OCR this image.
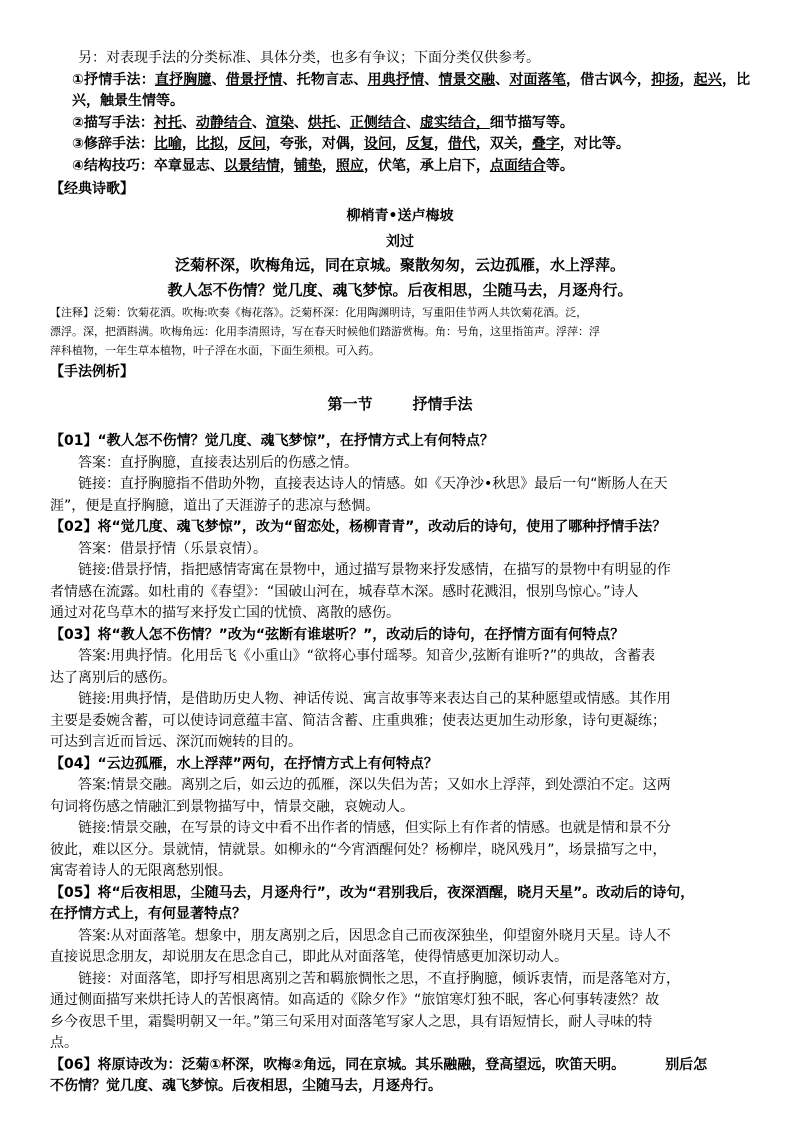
另：对表现手法的分类标准、具体分类，也多有争议；下面分类仅供参考。

①抒情手法：直抒胸臆、借景抒情、托物言志、用典抒情、情景交融、对面落笔，借古讽今，抑扬，起兴，比兴，触景生情等。

②描写手法：衬托、动静结合、渲染、烘托、正侧结合、虚实结合，细节描写等。

③修辞手法：比喻，比拟，反问，夸张，对偶，设问，反复，借代，双关，叠字，对比等。

④结构技巧：卒章显志、以景结情，铺垫，照应，伏笔，承上启下，点面结合等。

【经典诗歌】

柳梢青•送卢梅坡
刘过
泛菊杯深，吹梅角远，同在京城。聚散匆匆，云边孤雁，水上浮萍。
教人怎不伤情？觉几度、魂飞梦惊。后夜相思，尘随马去，月逐舟行。

【注释】泛菊：饮菊花酒。吹梅:吹奏《梅花落》。泛菊杯深：化用陶渊明诗，写重阳佳节两人共饮菊花酒。泛，

漂浮。深，把酒斟满。吹梅角远：化用李清照诗，写在春天时候他们踏游赏梅。角：号角，这里指笛声。浮萍：浮

萍科植物，一年生草本植物，叶子浮在水面，下面生须根。可入药。

【手法例析】

第一节	抒情手法

【01】“教人怎不伤情？觉几度、魂飞梦惊”，在抒情方式上有何特点？

答案：直抒胸臆，直接表达别后的伤感之情。

链接：直抒胸臆指不借助外物，直接表达诗人的情感。如《天净沙•秋思》最后一句“断肠人在天

涯”，便是直抒胸臆，道出了天涯游子的悲凉与愁惆。

【02】将“觉几度、魂飞梦惊”，改为“留恋处，杨柳青青”，改动后的诗句，使用了哪种抒情手法？

答案：借景抒情（乐景哀情）。

链接:借景抒情，指把感情寄寓在景物中，通过描写景物来抒发感情，在描写的景物中有明显的作

者情感在流露。如杜甫的《春望》：“国破山河在，城春草木深。感时花溅泪，恨别鸟惊心。”诗人

通过对花鸟草木的描写来抒发亡国的忧愤、离散的感伤。

【03】将“教人怎不伤情？”改为“弦断有谁堪听？”，改动后的诗句，在抒情方面有何特点？

答案:用典抒情。化用岳飞《小重山》“欲将心事付瑶琴。知音少,弦断有谁听?”的典故，含蓄表

达了离别后的感伤。

链接:用典抒情，是借助历史人物、神话传说、寓言故事等来表达自己的某种愿望或情感。其作用

主要是委婉含蓄，可以使诗词意蕴丰富、简洁含蓄、庄重典雅；使表达更加生动形象，诗句更凝练；

可达到言近而旨远、深沉而婉转的目的。

【04】“云边孤雁，水上浮萍”两句，在抒情方式上有何特点？

答案:情景交融。离别之后，如云边的孤雁，深以失侣为苦；又如水上浮萍，到处漂泊不定。这两

句词将伤感之情融汇到景物描写中，情景交融，哀婉动人。

链接:情景交融，在写景的诗文中看不出作者的情感，但实际上有作者的情感。也就是情和景不分

彼此，难以区分。景就情，情就景。如柳永的“今宵酒醒何处？杨柳岸，晓风残月”，场景描写之中，

寓寄着诗人的无限离愁别恨。

【05】将“后夜相思，尘随马去，月逐舟行”，改为“君别我后，夜深酒醒，晓月天星”。改动后的诗句，

在抒情方式上，有何显著特点？

答案:从对面落笔。想象中，朋友离别之后，因思念自己而夜深独坐，仰望窗外晓月天星。诗人不

直接说思念朋友，却说朋友在思念自己，即此从对面落笔，使得情感更加深切动人。

链接：对面落笔，即抒写相思离别之苦和羁旅惆怅之思，不直抒胸臆，倾诉衷情，而是落笔对方，

通过侧面描写来烘托诗人的苦恨离情。如高适的《除夕作》“旅馆寒灯独不眠，客心何事转凄然？故

乡今夜思千里，霜鬓明朝又一年。”第三句采用对面落笔写家人之思，具有语短情长，耐人寻味的特

点。

【06】将原诗改为：泛菊①杯深，吹梅②角远，同在京城。其乐融融，登高望远，吹笛天明。	别后怎

不伤情？觉几度、魂飞梦惊。后夜相思，尘随马去，月逐舟行。
